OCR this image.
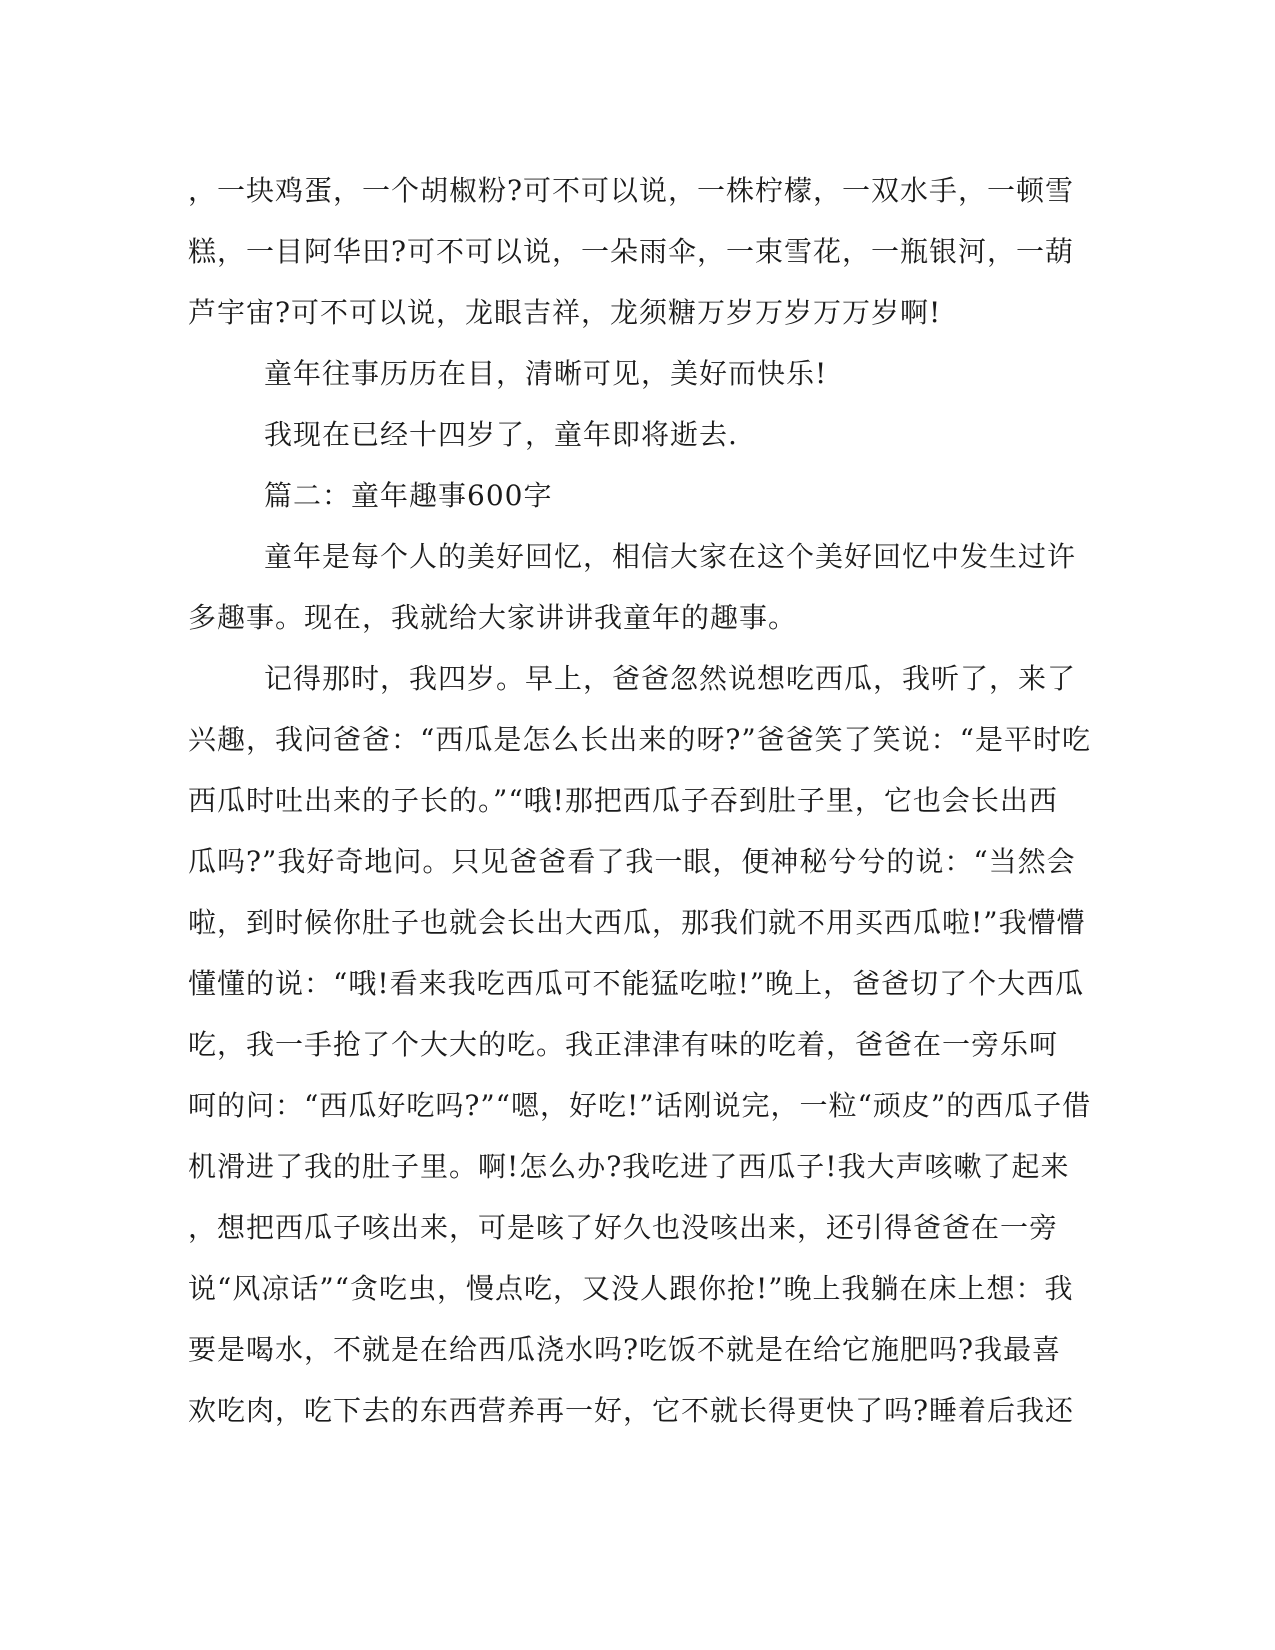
，一块鸡蛋，一个胡椒粉?可不可以说，一株柠檬，一双水手，一顿雪
糕，一目阿华田?可不可以说，一朵雨伞，一束雪花，一瓶银河，一葫
芦宇宙?可不可以说，龙眼吉祥，龙须糖万岁万岁万万岁啊!
童年往事历历在目，清晰可见，美好而快乐!
我现在已经十四岁了，童年即将逝去.
篇二：童年趣事600字
童年是每个人的美好回忆，相信大家在这个美好回忆中发生过许
多趣事。现在，我就给大家讲讲我童年的趣事。
记得那时，我四岁。早上，爸爸忽然说想吃西瓜，我听了，来了
兴趣，我问爸爸：“西瓜是怎么长出来的呀?”爸爸笑了笑说：“是平时吃
西瓜时吐出来的子长的。”“哦!那把西瓜子吞到肚子里，它也会长出西
瓜吗?”我好奇地问。只见爸爸看了我一眼，便神秘兮兮的说：“当然会
啦，到时候你肚子也就会长出大西瓜，那我们就不用买西瓜啦!”我懵懵
懂懂的说：“哦!看来我吃西瓜可不能猛吃啦!”晚上，爸爸切了个大西瓜
吃，我一手抢了个大大的吃。我正津津有味的吃着，爸爸在一旁乐呵
呵的问：“西瓜好吃吗?”“嗯，好吃!”话刚说完，一粒“顽皮”的西瓜子借
机滑进了我的肚子里。啊!怎么办?我吃进了西瓜子!我大声咳嗽了起来
，想把西瓜子咳出来，可是咳了好久也没咳出来，还引得爸爸在一旁
说“风凉话”“贪吃虫，慢点吃，又没人跟你抢!”晚上我躺在床上想：我
要是喝水，不就是在给西瓜浇水吗?吃饭不就是在给它施肥吗?我最喜
欢吃肉，吃下去的东西营养再一好，它不就长得更快了吗?睡着后我还
